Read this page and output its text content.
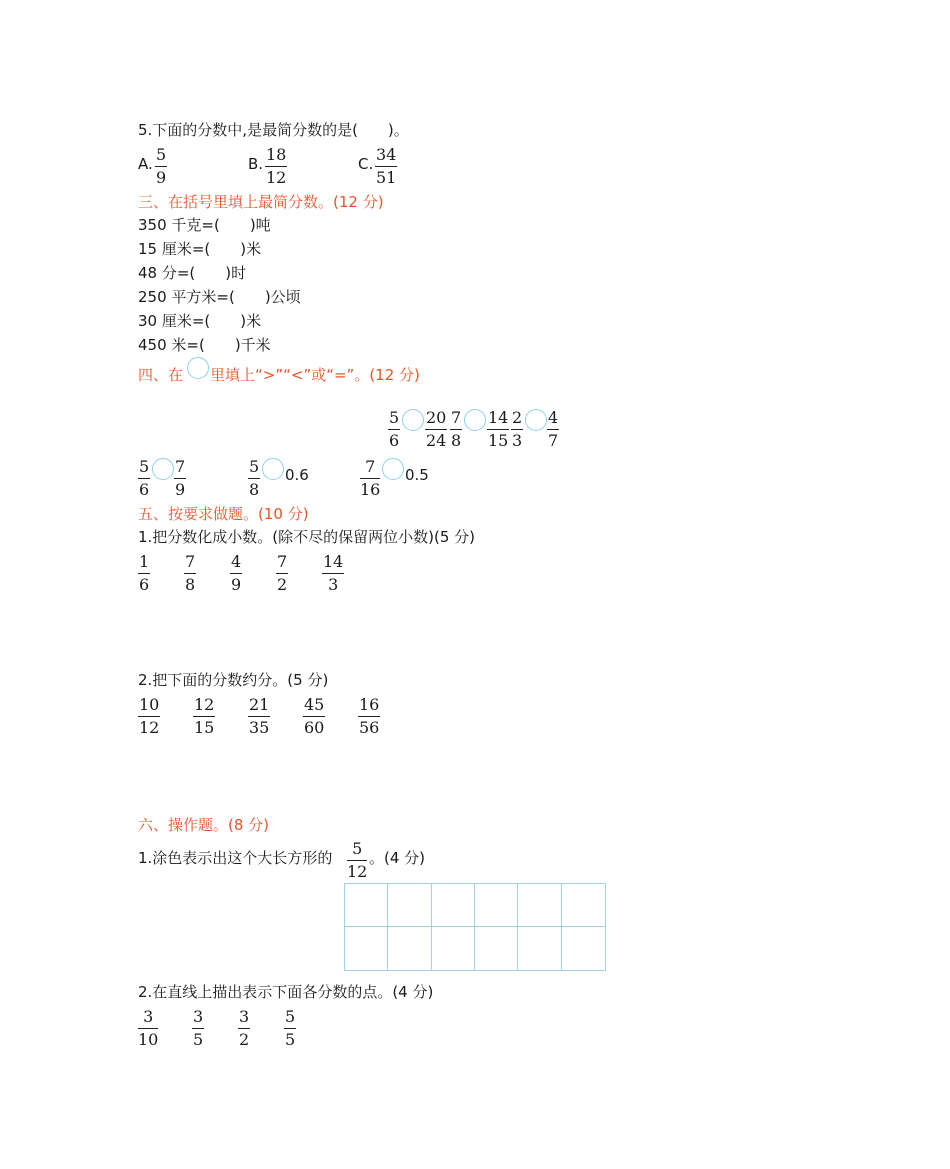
5.下面的分数中,是最简分数的是(　　)。
A. 5
9
B. 18
12
C. 34
51
三、在括号里填上最简分数。(12 分)
350 千克=(　　)吨
15 厘米=(　　)米
48 分=(　　)时
250 平方米=(　　)公顷
30 厘米=(　　)米
450 米=(　　)千米
四、在 里填上“>”“<”或“=”。(12 分)
5
6
20
24
7
8
14
15
2
3
4
7
5
6
7
9
5
8
0.6	7
16
0.5
五、按要求做题。(10 分)
1.把分数化成小数。(除不尽的保留两位小数)(5 分)
1
6
7
8
4
9
7
2
14
3
2.把下面的分数约分。(5 分)
10
12
12
15
21
35
45
60
16
56
六、操作题。(8 分)
1.涂色表示出这个大长方形的 5
12
。(4 分)
2.在直线上描出表示下面各分数的点。(4 分)
3
10
3
5
3
2
5
5
